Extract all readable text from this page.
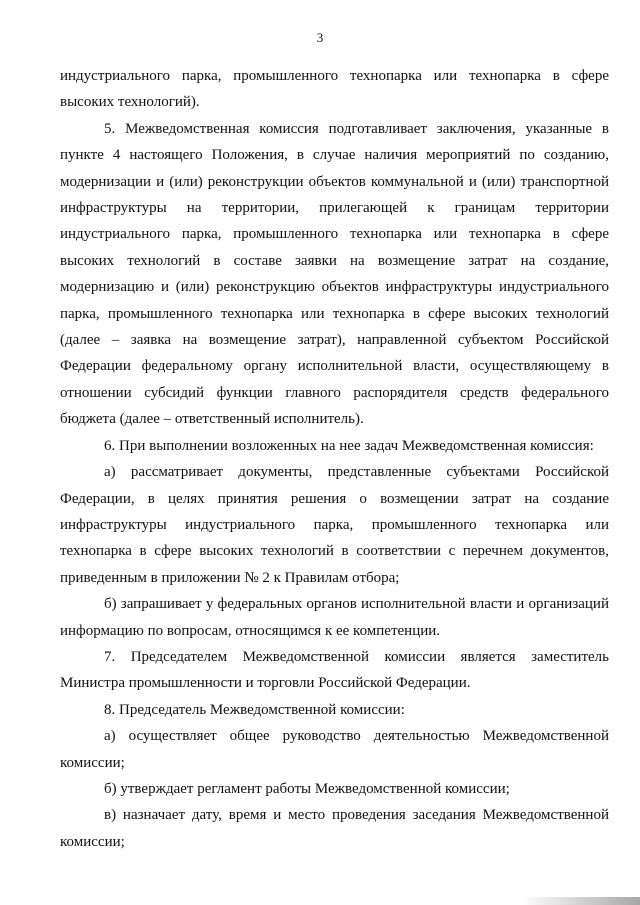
3

индустриального парка, промышленного технопарка или технопарка в сфере высоких технологий).

5. Межведомственная комиссия подготавливает заключения, указанные в пункте 4 настоящего Положения, в случае наличия мероприятий по созданию, модернизации и (или) реконструкции объектов коммунальной и (или) транспортной инфраструктуры на территории, прилегающей к границам территории индустриального парка, промышленного технопарка или технопарка в сфере высоких технологий в составе заявки на возмещение затрат на создание, модернизацию и (или) реконструкцию объектов инфраструктуры индустриального парка, промышленного технопарка или технопарка в сфере высоких технологий (далее – заявка на возмещение затрат), направленной субъектом Российской Федерации федеральному органу исполнительной власти, осуществляющему в отношении субсидий функции главного распорядителя средств федерального бюджета (далее – ответственный исполнитель).

6. При выполнении возложенных на нее задач Межведомственная комиссия:

а) рассматривает документы, представленные субъектами Российской Федерации, в целях принятия решения о возмещении затрат на создание инфраструктуры индустриального парка, промышленного технопарка или технопарка в сфере высоких технологий в соответствии с перечнем документов, приведенным в приложении № 2 к Правилам отбора;

б) запрашивает у федеральных органов исполнительной власти и организаций информацию по вопросам, относящимся к ее компетенции.

7. Председателем Межведомственной комиссии является заместитель Министра промышленности и торговли Российской Федерации.

8. Председатель Межведомственной комиссии:

а) осуществляет общее руководство деятельностью Межведомственной комиссии;

б) утверждает регламент работы Межведомственной комиссии;

в) назначает дату, время и место проведения заседания Межведомственной комиссии;
